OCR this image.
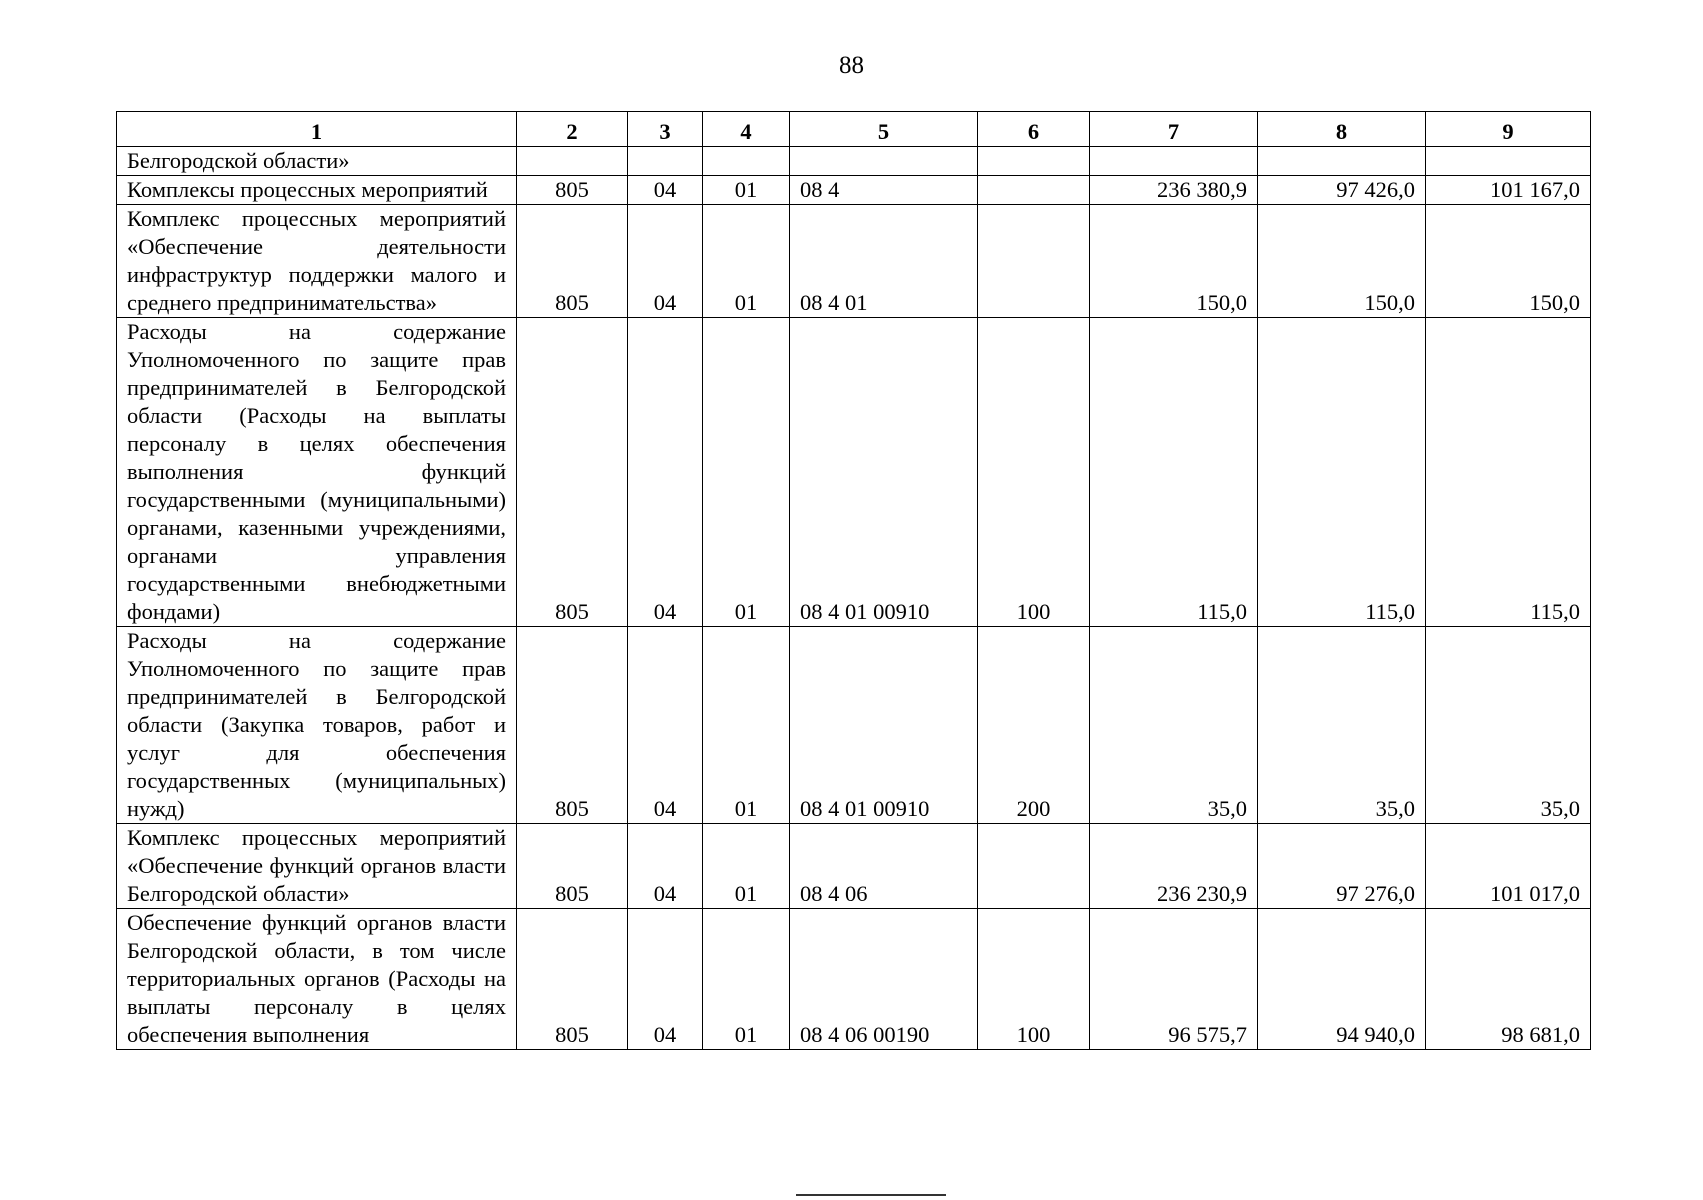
88
1	2	3	4	5	6	7	8	9
Белгородской области»								
Комплексы процессных мероприятий	805	04	01	08 4		236 380,9	97 426,0	101 167,0
Комплекс процессных мероприятий «Обеспечение деятельности инфраструктур поддержки малого и среднего предпринимательства»	805	04	01	08 4 01		150,0	150,0	150,0
Расходы на содержание Уполномоченного по защите прав предпринимателей в Белгородской области (Расходы на выплаты персоналу в целях обеспечения выполнения функций государственными (муниципальными) органами, казенными учреждениями, органами управления государственными внебюджетными фондами)	805	04	01	08 4 01 00910	100	115,0	115,0	115,0
Расходы на содержание Уполномоченного по защите прав предпринимателей в Белгородской области (Закупка товаров, работ и услуг для обеспечения государственных (муниципальных) нужд)	805	04	01	08 4 01 00910	200	35,0	35,0	35,0
Комплекс процессных мероприятий «Обеспечение функций органов власти Белгородской области»	805	04	01	08 4 06		236 230,9	97 276,0	101 017,0
Обеспечение функций органов власти Белгородской области, в том числе территориальных органов (Расходы на выплаты персоналу в целях обеспечения выполнения	805	04	01	08 4 06 00190	100	96 575,7	94 940,0	98 681,0
